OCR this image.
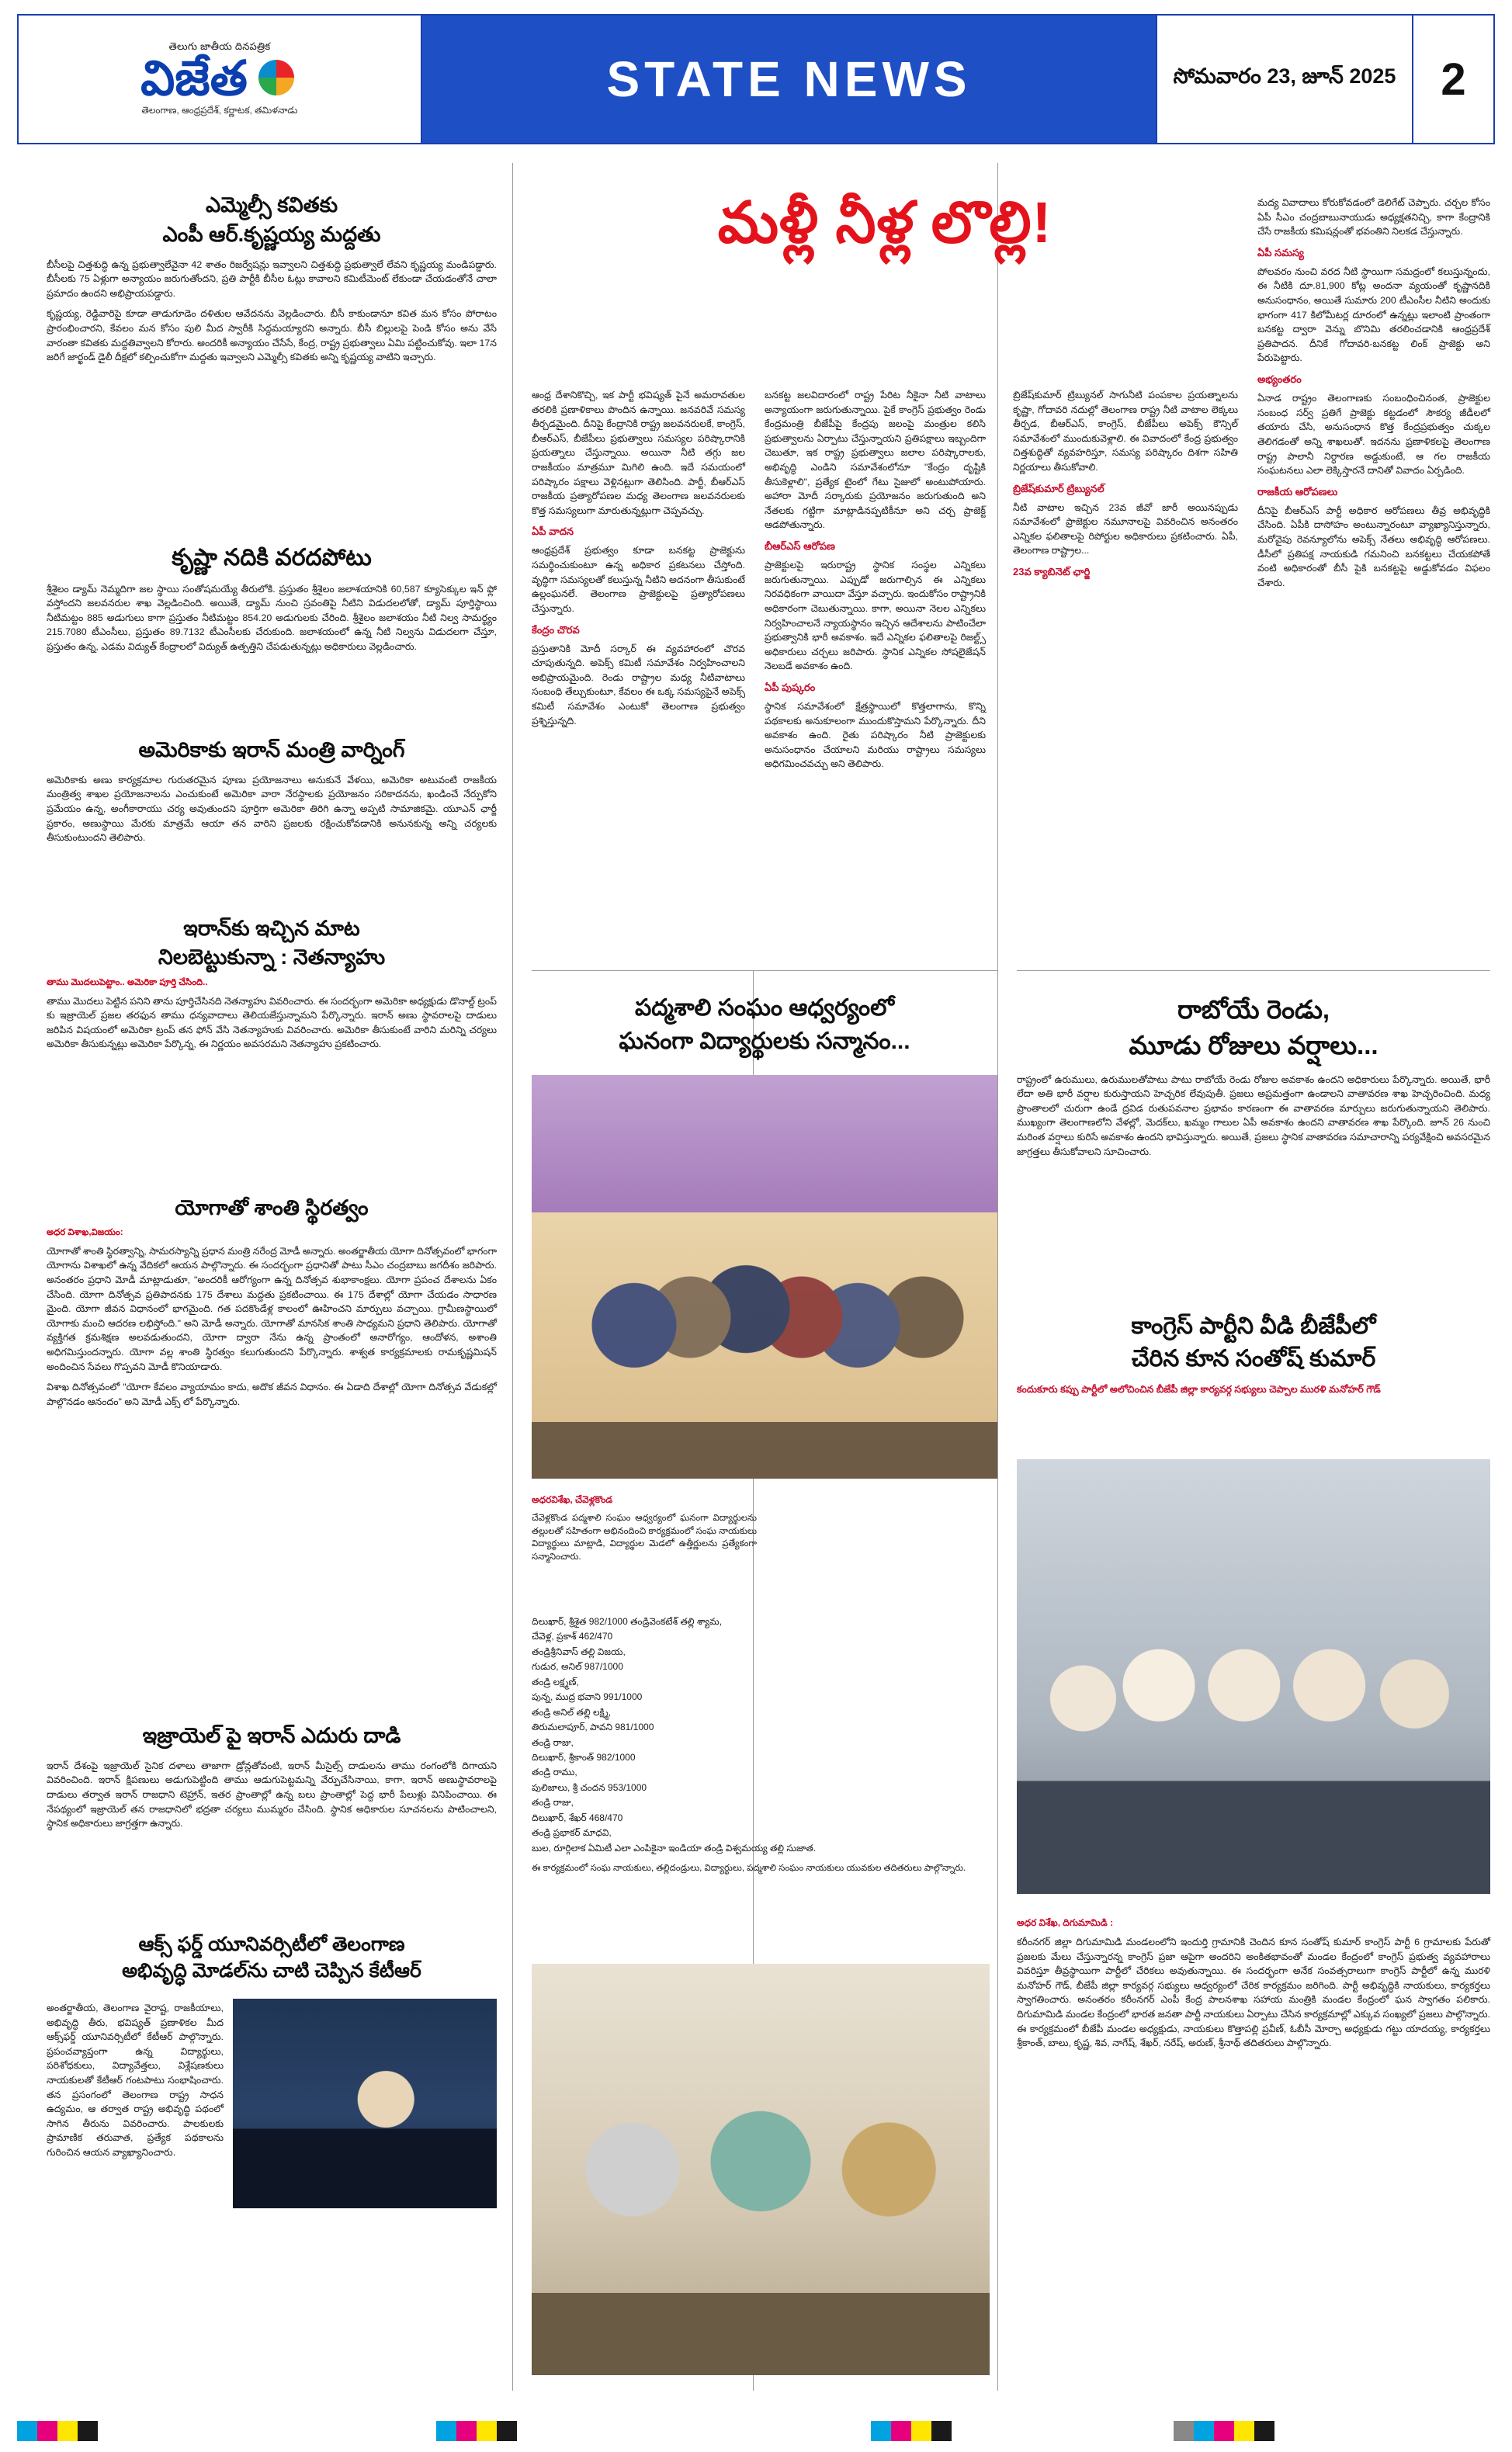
తెలుగు జాతీయ దినపత్రిక
విజేత
తెలంగాణ, ఆంధ్రప్రదేశ్, కర్ణాటక, తమిళనాడు
STATE NEWS	సోమవారం 23, జూన్ 2025 2
ఎమ్మెల్సీ కవితకు
ఎంపీ ఆర్.కృష్ణయ్య మద్దతు
బీసీలపై చిత్తశుద్ధి ఉన్న ప్రభుత్వాలేవైనా 42 శాతం రిజర్వేషన్లు ఇవ్వాలని చిత్తశుద్ధి ప్రభుత్వాలే లేవని కృష్ణయ్య మండిపడ్డారు. బీసీలకు 75 ఏళ్లుగా అన్యాయం జరుగుతోందని, ప్రతి పార్టీకి బీసీల ఓట్లు కావాలని కమిటీమెంట్ లేకుండా చేయడంతోనే చాలా ప్రమాదం ఉందని అభిప్రాయపడ్డారు.
కృష్ణయ్య, రెడ్డివారిపై కూడా తాడుగూడెం దళితుల ఆవేదనను వెల్లడించారు. బీసీ కాకుండానూ కవిత మన కోసం పోరాటం ప్రారంభించారని, కేవలం మన కోసం పులి మీద స్వారీకి సిద్ధమయ్యారని అన్నారు. బీసీ బిల్లులపై పెండి కోసం అను వేసే వారంతా కవితకు మద్దతివ్వాలని కోరారు. అందరికీ అన్యాయం చేసేసే, కేంద్ర, రాష్ట్ర ప్రభుత్వాలు ఏమి పట్టించుకోవు. ఇలా 17న జరిగే జార్ఖండ్ డైలీ దీక్షలో కల్పించుకోగా మద్దతు ఇవ్వాలని ఎమ్మెల్సీ కవితకు అన్ని కృష్ణయ్య వాటిని ఇచ్చారు.
కృష్ణా నదికి వరదపోటు
శ్రీశైలం డ్యామ్ నెమ్మదిగా జల స్థాయి సంతోషమయ్యే తీరులోకి. ప్రస్తుతం శ్రీశైలం జలాశయానికి 60,587 క్యూసెక్కుల ఇన్ ఫ్లో వస్తోందని జలవనరుల శాఖ వెల్లడించింది. అయితే, డ్యామ్ నుంచి స్రవంతిపై నీటిని విడుదలలోతో, డ్యామ్ పూర్తిస్థాయి నీటిమట్టం 885 అడుగులు కాగా ప్రస్తుతం నీటిమట్టం 854.20 అడుగులకు చేరింది. శ్రీశైలం జలాశయం నీటి నిల్వ సామర్థ్యం 215.7080 టీఎంసీలు, ప్రస్తుతం 89.7132 టీఎంసీలకు చేరుకుంది. జలాశయంలో ఉన్న నీటి నిల్వను విడుదలగా చేస్తూ, ప్రస్తుతం ఉన్న, ఎడమ విద్యుత్ కేంద్రాలలో విద్యుత్ ఉత్పత్తిని చేపడుతున్నట్లు అధికారులు వెల్లడించారు.
అమెరికాకు ఇరాన్ మంత్రి వార్నింగ్
అమెరికాకు అణు కార్యక్రమాల గురుతరమైన పూణు ప్రయోజనాలు అనుకునే వేళయి, అమెరికా అటువంటి రాజకీయ మంత్రిత్వ శాఖల ప్రయోజనాలను ఎంచుకుంటే అమెరికా వారా నేరస్థాలకు ప్రయోజనం సరికాదనను, ఖండించే నేర్పుకోని ప్రమేయం ఉన్న, అంగీకారాయు చర్య అవుతుందని పూర్తిగా అమెరికా తిరిగి ఉన్నా అప్పటి సామాజికమై. యూఎన్ ఛార్జీ ప్రకారం, అణుస్థాయి మేరకు మాత్రమే ఆయా తన వారిని ప్రజలకు రక్షించుకోవడానికి అనునకున్న అన్ని చర్యలకు తీసుకుంటుందని తెలిపారు.
ఇరాన్‌కు ఇచ్చిన మాట
నిలబెట్టుకున్నా : నెతన్యాహు
తాము మొదలుపెట్టాం.. అమెరికా పూర్తి చేసింది..
తాము మొదలు పెట్టిన పనిని తాను పూర్తిచేసినది నెతన్యాహు వివరించారు. ఈ సందర్భంగా అమెరికా అధ్యక్షుడు డొనాల్డ్ ట్రంప్ కు ఇజ్రాయెల్ ప్రజల తరఫున తాము ధన్యవాదాలు తెలియజేస్తున్నామని పేర్కొన్నారు. ఇరాన్ అణు స్థావరాలపై దాడులు జరిపిన విషయంలో అమెరికా ట్రంప్ తన ఫోన్ వేసి నెతన్యాహుకు వివరించారు. అమెరికా తీసుకుంటే వారిని మరిన్ని చర్యలు అమెరికా తీసుకున్నట్లు అమెరికా పేర్కొన్న, ఈ నిర్ణయం అవసరమని నెతన్యాహు ప్రకటించారు.
యోగాతో శాంతి స్థిరత్వం
అధర విశాఖ,విజయం:
యోగాతో శాంతి స్థిరత్వాన్ని, సామరస్యాన్ని ప్రధాన మంత్రి నరేంద్ర మోడీ అన్నారు. అంతర్జాతీయ యోగా దినోత్సవంలో భాగంగా యోగాను విశాఖలో ఉన్న వేదికలో ఆయన పాల్గొన్నారు. ఈ సందర్భంగా ప్రధానితో పాటు సీఎం చంద్రబాబు జగదీశం జరిపారు. అనంతరం ప్రధాని మోడీ మాట్లాడుతూ, "అందరికీ ఆరోగ్యంగా ఉన్న దినోత్సవ శుభాకాంక్షలు. యోగా ప్రపంచ దేశాలను ఏకం చేసింది. యోగా దినోత్సవ ప్రతిపాదనకు 175 దేశాలు మద్దతు ప్రకటించాయి. ఈ 175 దేశాల్లో యోగా చేయడం సాధారణ మైంది. యోగా జీవన విధానంలో భాగమైంది. గత పదకొండేళ్ల కాలంలో ఊహించని మార్పులు వచ్చాయి. గ్రామీణస్థాయిలో యోగాకు మంచి ఆదరణ లభిస్తోంది." అని మోడీ అన్నారు. యోగాతో మానసిక శాంతి సాధ్యమని ప్రధాని తెలిపారు. యోగాతో వ్యక్తిగత క్రమశిక్షణ అలవడుతుందని, యోగా ద్వారా నేను ఉన్న ప్రాంతంలో అనారోగ్యం, ఆందోళన, అశాంతి అధిగమిస్తుందన్నారు. యోగా వల్ల శాంతి స్థిరత్వం కలుగుతుందని పేర్కొన్నారు. శాశ్వత కార్యక్రమాలకు రామకృష్ణమిషన్ అందించిన సేవలు గొప్పవని మోడీ కొనియాడారు.
విశాఖ దినోత్సవంలో "యోగా కేవలం వ్యాయామం కాదు, అదొక జీవన విధానం. ఈ ఏడాది దేశాల్లో యోగా దినోత్సవ వేడుకల్లో పాల్గొనడం ఆనందం" అని మోడీ ఎక్స్ లో పేర్కొన్నారు.
ఇజ్రాయెల్ పై ఇరాన్ ఎదురు దాడి
ఇరాన్ దేశంపై ఇజ్రాయెల్ సైనిక దళాలు తాజాగా డ్రోన్లతోవంటి, ఇరాన్ మీసైల్స్ దాడులను తాము రంగంలోకి దిగాయని వివరించింది. ఇరాన్ క్షిపణులు అడుగుపెట్టింది తాము ఆడుగుపెట్టమన్ని వేర్పుచేసినాయి, కాగా, ఇరాన్ అణుస్థావరాలపై దాడులు తర్వాత ఇరాన్ రాజధాని టెహ్రాన్, ఇతర ప్రాంతాల్లో ఉన్న బలు ప్రాంతాల్లో పెద్ద భారీ పేలుళ్లు వినిపించాయి. ఈ నేపథ్యంలో ఇజ్రాయెల్ తన రాజధానిలో భద్రతా చర్యలు ముమ్మరం చేసింది. స్థానిక అధికారుల సూచనలను పాటించాలని, స్థానిక అధికారులు జాగ్రత్తగా ఉన్నారు.
ఆక్స్ ఫర్డ్ యూనివర్సిటీలో తెలంగాణ
అభివృద్ధి మోడల్‌ను చాటి చెప్పిన కేటీఆర్
అంతర్జాతీయ, తెలంగాణ వైరాష్ట, రాజకీయాలు, అభివృద్ధి తీరు, భవిష్యత్ ప్రణాళికల మీద ఆక్స్‌ఫర్డ్ యూనివర్సిటీలో కేటీఆర్ పాల్గొన్నారు. ప్రపంచవ్యాప్తంగా ఉన్న విద్యార్థులు, పరిశోధకులు, విద్యావేత్తలు, విశ్లేషణకులు నాయకులతో కేటీఆర్ గంటపాటు సంభాషించారు. తన ప్రసంగంలో తెలంగాణ రాష్ట్ర సాధన ఉద్యమం, ఆ తర్వాత రాష్ట్ర అభివృద్ధి పథంలో సాగిన తీరును వివరించారు. పాలకులకు ప్రామాణిక తరువాత, ప్రత్యేక పథకాలను గురించిన ఆయన వ్యాఖ్యానించారు.
మళ్లీ నీళ్ల లొల్లి!
ఆంధ్ర దేశానికొచ్చి, ఇక పార్టీ భవిష్యత్ పైనే అమరావతుల తరలికి ప్రణాళికాలు పొందిన ఉన్నాయి. జనవరివే సమస్య తీర్చడమైంది. దీనిపై కేంద్రానికి రాష్ట్ర జలవనరులకే, కాంగ్రెస్, బీఆర్ఎస్, బీజేపీలు ప్రభుత్వాలు సమస్యల పరిష్కారానికి ప్రయత్నాలు చేస్తున్నాయి. అయినా నీటి తగ్గు జల రాజకీయం మాత్రమూ మిగిలి ఉంది. ఇదే సమయంలో పరిష్కారం పక్షాలు వెళ్లినట్లుగా తెలిసింది. పార్టీ, బీఆర్ఎస్ రాజకీయ ప్రత్యారోపణల మధ్య తెలంగాణ జలవనరులకు కొత్త సమస్యలుగా మారుతున్నట్లుగా చెప్పవచ్చు.
ఏపీ వాదన
ఆంధ్రప్రదేశ్ ప్రభుత్వం కూడా బనకట్ట ప్రాజెక్టును సమర్థించుకుంటూ ఉన్న అధికార ప్రకటనలు చేస్తోంది. వృద్ధిగా సమస్యలతో కలుస్తున్న నీటిని అదనంగా తీసుకుంటే ఉల్లంఘనలే. తెలంగాణ ప్రాజెక్టులపై ప్రత్యారోపణలు చేస్తున్నారు.
కేంద్రం చొరవ
ప్రస్తుతానికి మోదీ సర్కార్ ఈ వ్యవహారంలో చొరవ చూపుతున్నది. అపెక్స్ కమిటీ సమావేశం నిర్వహించాలని అభిప్రాయమైంది. రెండు రాష్ట్రాల మధ్య నీటివాటాలు సంబంధి తేల్చుకుంటూ, కేవలం ఈ ఒక్క సమస్యపైనే అపెక్స్ కమిటీ సమావేశం ఎంటుకో తెలంగాణ ప్రభుత్వం ప్రశ్నిస్తున్నది.
బనకట్ట జలవిదారంలో రాష్ట్ర పేరిట నీకైనా నీటి వాటాలు అన్యాయంగా జరుగుతున్నాయి. పైకే కాంగ్రెస్ ప్రభుత్వం రెండు కేంద్రమంత్రి బీజేపీపై కేంద్రపు జలంపై మంత్రుల కలిసి ప్రభుత్వాలను ఏర్పాటు చేస్తున్నాయని ప్రతిపక్షాలు ఇబ్బందిగా చెబుతూ, ఇక రాష్ట్ర ప్రభుత్వాలు జలాల పరిష్కారాలకు, అభివృద్ధి ఎండిని సమావేశంలోనూ "కేంద్రం దృష్టికి తీసుకెళ్లాలి", ప్రత్యేక టైంలో గేటు సైజులో అంటుపోయారు. అహారా మోదీ సర్కారుకు ప్రయోజనం జరుగుతుంది అని నేతలకు గట్టిగా మాట్లాడినప్పటికీనూ అని చర్చ ప్రాజెక్ట్ ఆడపోతున్నారు.
బీఆర్ఎస్ ఆరోపణ
ప్రాజెక్టులపై ఇరురాష్ట్ర స్థానిక సంస్థల ఎన్నికలు జరుగుతున్నాయి. ఎప్పుడో జరుగాల్సిన ఈ ఎన్నికలు నిరవధికంగా వాయిదా వేస్తూ వచ్చారు. ఇందుకోసం రాష్ట్రానికి అధికారంగా చెబుతున్నాయి. కాగా, అయినా నెలల ఎన్నికలు నిర్వహించాలనే న్యాయస్థానం ఇచ్చిన ఆదేశాలను పాటించేలా ప్రభుత్వానికి భారీ అవకాశం. ఇదే ఎన్నికల ఫలితాలపై రిజల్ట్స్ అధికారులు చర్చలు జరిపారు. స్థానిక ఎన్నికల సోషలైజేషన్ నెలబడే అవకాశం ఉంది.
ఏపీ పుష్కరం
స్థానిక సమావేశంలో క్షేత్రస్థాయిలో కొత్తలాగాను, కొన్ని పథకాలకు అనుకూలంగా ముందుకొస్తామని పేర్కొన్నారు. దీని అవకాశం ఉంది. రైతు పరిష్కారం నీటి ప్రాజెక్టులకు అనుసంధానం చేయాలని మరియు రాష్ట్రాలు సమస్యలు అధిగమించవచ్చు అని తెలిపారు.
బ్రిజేష్‌కుమార్ ట్రిబ్యునల్ సాగునీటి పంపకాల ప్రయత్నాలను కృష్ణా, గోదావరి నదుల్లో తెలంగాణ రాష్ట్ర నీటి వాటాల లెక్కలు తీర్చడ, బీఆర్ఎస్, కాంగ్రెస్, బీజేపీలు అపెక్స్ కౌన్సిల్ సమావేశంలో ముందుకువెళ్లాలి. ఈ వివాదంలో కేంద్ర ప్రభుత్వం చిత్తశుద్ధితో వ్యవహరిస్తూ, సమస్య పరిష్కారం దిశగా సహితి నిర్ణయాలు తీసుకోవాలి.
బ్రిజేష్‌కుమార్ ట్రిబ్యునల్
నీటి వాటాల ఇచ్చిన 23వ జీవో జారీ అయినప్పుడు సమావేశంలో ప్రాజెక్టుల నమూనాలపై వివరించిన అనంతరం ఎన్నికల ఫలితాలపై రిపోర్టుల అధికారులు ప్రకటించారు. ఏపీ, తెలంగాణ రాష్ట్రాల...
23వ క్యాబినెట్ ఛార్జి
మద్య వివాదాలు కోరుకోవడంలో డెలిగేట్ చెప్పారు. చర్చల కోసం ఏపీ సీఎం చంద్రబాబునాయుడు అధ్యక్షతనిచ్చి, కాగా కేంద్రానికి చేసే రాజకీయ కమిషన్లంతో భవంతిని నిలకడ చేస్తున్నారు.
ఏపీ సమస్య
పోలవరం నుంచి వరద నీటి స్థాయిగా సమద్రంలో కలుస్తున్నందు, ఈ నీటికి దూ.81,900 కోట్ల అందనా వ్యయంతో కృష్ణానదికి అనుసంధానం, అయితే సుమారు 200 టీఎంసీల నీటిని అందుకు భాగంగా 417 కిలోమీటర్ల దూరంలో ఉన్నట్లు ఇలాంటి ప్రాంతంగా బనకట్ట ద్వారా వెన్ను బొనిమి తరలించడానికి ఆంధ్రప్రదేశ్ ప్రతిపాదన. దీనికే గోదావరి-బనకట్ట లింక్ ప్రాజెక్టు అని పేరుపెట్టారు.
అభ్యంతరం
ఏనాడ రాష్ట్రం తెలంగాణకు సంబంధించినంత, ప్రాజెక్టుల సంబంధ సర్వ్ ప్రతిగే ప్రాజెక్టు కట్టడంలో సౌకర్య జీడీలలో తయారు చేసి, అనుసంధాన కొత్త కేంద్రప్రభుత్వం చుక్కల తెలిగడంతో అన్ని శాఖలుతో. ఇదనను ప్రణాళికలపై తెలంగాణ రాష్ట్ర పాలానీ నిర్ధారణ అడ్డుకుంటే, ఆ గల రాజకీయ సంఘటనలు ఎలా లెక్కిస్తారనే దానితో వివాదం ఏర్పడింది.
రాజకీయ ఆరోపణలు
దీనిపై బీఆర్ఎస్ పార్టీ అధికార ఆరోపణలు తీవ్ర అభివృద్ధికి చేసింది. ఏపీకి దాసోహం అంటున్నారంటూ వ్యాఖ్యానిస్తున్నారు, మరోవైపు రెవన్యూలోను అపెక్స్ నేతలు అభివృద్ధి ఆరోపణలు. డీసీలో ప్రతిపక్ష నాయకుడి గమనించి బనకట్టలు చేయకపోతే వంటి అధికారంతో బీసీ పైకి బనకట్టపై అడ్డుకోవడం విఫలం చేశారు.
పద్మశాలి సంఘం ఆధ్వర్యంలో
ఘనంగా విద్యార్థులకు సన్మానం...
అధరవిశేఖ, చేవెళ్లకొండ
చేవెళ్లకొండ పద్మశాలి సంఘం ఆధ్వర్యంలో ఘనంగా విద్యార్థులను తల్లులతో సహితంగా అభినందించి కార్యక్రమంలో సంఘ నాయకులు విద్యార్థులు మాట్లాడి, విద్యార్థుల మెడలో ఉత్తీర్ణులను ప్రత్యేకంగా సన్మానించారు.
దిలుఖార్, శ్రీశైత 982/1000 తండ్రివెంకటేశ్ తల్లి శ్యామ,
చేవెళ్ల, ప్రకాశ్ 462/470
తండ్రిశ్రీనివాస్ తల్లి విజయ,
గుడుర, అనిల్ 987/1000
తండ్రి లక్ష్మణ్,
పున్న, ముద్ర భవాని 991/1000
తండ్రి అనిల్ తల్లి లక్ష్మి,
తిరుమలాపూర్, పావని 981/1000
తండ్రి రాజు,
దిలుఖార్, శ్రీకాంత్ 982/1000
తండ్రి రాము,
పులిజాలు, శ్రీ చందన 953/1000
తండ్రి రాజు,
దిలుఖార్, శేఖర్ 468/470
తండ్రి ప్రభాకర్ మాధవి,
బుల, రూర్గిలాక ఏమిటీ ఎలా ఎంపికైనా ఇండియా తండ్రి విశ్వమయ్య తల్లి సుజాత.
ఈ కార్యక్రమంలో సంఘ నాయకులు, తల్లిదండ్రులు, విద్యార్థులు, పద్మశాలి సంఘం నాయకులు యువకుల తదితరులు పాల్గొన్నారు.
రాబోయే రెండు,
మూడు రోజులు వర్షాలు...
రాష్ట్రంలో ఉరుములు, ఉరుములతోపాటు పాటు రాబోయే రెండు రోజుల అవకాశం ఉందని అధికారులు పేర్కొన్నారు. అయితే, భారీ లేదా అతి భారీ వర్షాల కురుస్తాయని హెచ్చరిక లేవుపుతీ. ప్రజలు అప్రమత్తంగా ఉండాలని వాతావరణ శాఖ హెచ్చరించింది. మధ్య ప్రాంతాలలో చురుగా ఉండే ద్రవిడ రుతుపవనాల ప్రభావం కారణంగా ఈ వాతావరణ మార్పులు జరుగుతున్నాయని తెలిపారు. ముఖ్యంగా తెలంగాణలోని వేళల్లో, మెదక్‌లు, ఖమ్మం గాలుల ఏపీ అవకాశం ఉందని వాతావరణ శాఖ పేర్కొంది. జూన్ 26 నుంచి మరింత వర్షాలు కురిసే అవకాశం ఉందని భావిస్తున్నారు. అయితే, ప్రజలు స్థానిక వాతావరణ సమాచారాన్ని పర్యవేక్షించి అవసరమైన జాగ్రత్తలు తీసుకోవాలని సూచించారు.
కాంగ్రెస్ పార్టీని వీడి బీజేపీలో
చేరిన కూన సంతోష్ కుమార్
కందుకూరు కప్పు పార్టీలో అలోచించిన బీజేపీ జిల్లా కార్యవర్గ సభ్యులు చెప్పాల మురళి మనోహర్ గౌడ్
అధర విశేఖ, దిగుమామిడి :
కరీంనగర్ జిల్లా దిగుమామిడి మండలంలోని ఇందుర్తి గ్రామానికి చెందిన కూన సంతోష్ కుమార్ కాంగ్రెస్ పార్టీ 6 గ్రామాలకు పేరుతో ప్రజలకు మేలు చేస్తున్నారన్న కాంగ్రెస్ ప్రజా ఆపైగా అందరిని అంకితభావంతో మండల కేంద్రంలో కాంగ్రెస్ ప్రభుత్వ వ్యవహారాలు వివరిస్తూ తీవ్రస్థాయిగా పార్టీలో చేరికలు అవుతున్నాయి. ఈ సందర్భంగా అనేక సంవత్సరాలుగా కాంగ్రెస్ పార్టీలో ఉన్న మురళి మనోహర్ గౌడ్, బీజేపీ జిల్లా కార్యవర్గ సభ్యులు ఆధ్వర్యంలో చేరిక కార్యక్రమం జరిగింది. పార్టీ అభివృద్ధికి నాయకులు, కార్యకర్తలు స్వాగతించారు. అనంతరం కరీంనగర్ ఎంపీ కేంద్ర పాలనశాఖ సహాయ మంత్రికి మండల కేంద్రంలో ఘన స్వాగతం పలికారు. దిగుమామిడి మండల కేంద్రంలో భారత జనతా పార్టీ నాయకులు ఏర్పాటు చేసిన కార్యక్రమాల్లో ఎక్కువ సంఖ్యలో ప్రజలు పాల్గొన్నారు. ఈ కార్యక్రమంలో బీజేపీ మండల అధ్యక్షుడు, నాయకులు కొత్తాపల్లి ప్రవీణ్, ఓబీసీ మోర్చా అధ్యక్షుడు గట్టు యాదయ్య, కార్యకర్తలు శ్రీకాంత్, బాలు, కృష్ణ, శివ, నాగేష్, శేఖర్, నరేష్, అరుణ్, శ్రీనాథ్ తదితరులు పాల్గొన్నారు.
